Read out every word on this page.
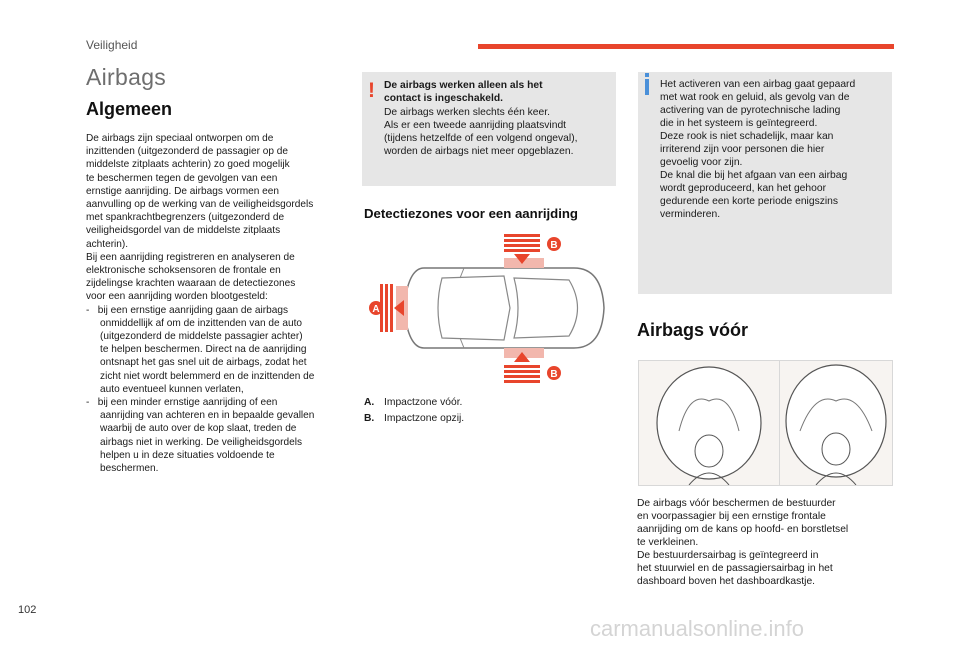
Veiligheid
Airbags
Algemeen
De airbags zijn speciaal ontworpen om de
inzittenden (uitgezonderd de passagier op de
middelste zitplaats achterin) zo goed mogelijk
te beschermen tegen de gevolgen van een
ernstige aanrijding. De airbags vormen een
aanvulling op de werking van de veiligheidsgordels
met spankrachtbegrenzers (uitgezonderd de
veiligheidsgordel van de middelste zitplaats
achterin).
Bij een aanrijding registreren en analyseren de
elektronische schoksensoren de frontale en
zijdelingse krachten waaraan de detectiezones
voor een aanrijding worden blootgesteld:
-   bij een ernstige aanrijding gaan de airbags
onmiddellijk af om de inzittenden van de auto
(uitgezonderd de middelste passagier achter)
te helpen beschermen. Direct na de aanrijding
ontsnapt het gas snel uit de airbags, zodat het
zicht niet wordt belemmerd en de inzittenden de
auto eventueel kunnen verlaten,
-   bij een minder ernstige aanrijding of een
aanrijding van achteren en in bepaalde gevallen
waarbij de auto over de kop slaat, treden de
airbags niet in werking. De veiligheidsgordels
helpen u in deze situaties voldoende te
beschermen.
! De airbags werken alleen als het
contact is ingeschakeld.
De airbags werken slechts één keer.
Als er een tweede aanrijding plaatsvindt
(tijdens hetzelfde of een volgend ongeval),
worden de airbags niet meer opgeblazen.
Detectiezones voor een aanrijding
A
B
B
A. Impactzone vóór.
B. Impactzone opzij.
Het activeren van een airbag gaat gepaard
met wat rook en geluid, als gevolg van de
activering van de pyrotechnische lading
die in het systeem is geïntegreerd.
Deze rook is niet schadelijk, maar kan
irriterend zijn voor personen die hier
gevoelig voor zijn.
De knal die bij het afgaan van een airbag
wordt geproduceerd, kan het gehoor
gedurende een korte periode enigszins
verminderen.
Airbags vóór
De airbags vóór beschermen de bestuurder
en voorpassagier bij een ernstige frontale
aanrijding om de kans op hoofd- en borstletsel
te verkleinen.
De bestuurdersairbag is geïntegreerd in
het stuurwiel en de passagiersairbag in het
dashboard boven het dashboardkastje.
102
carmanualsonline.info
